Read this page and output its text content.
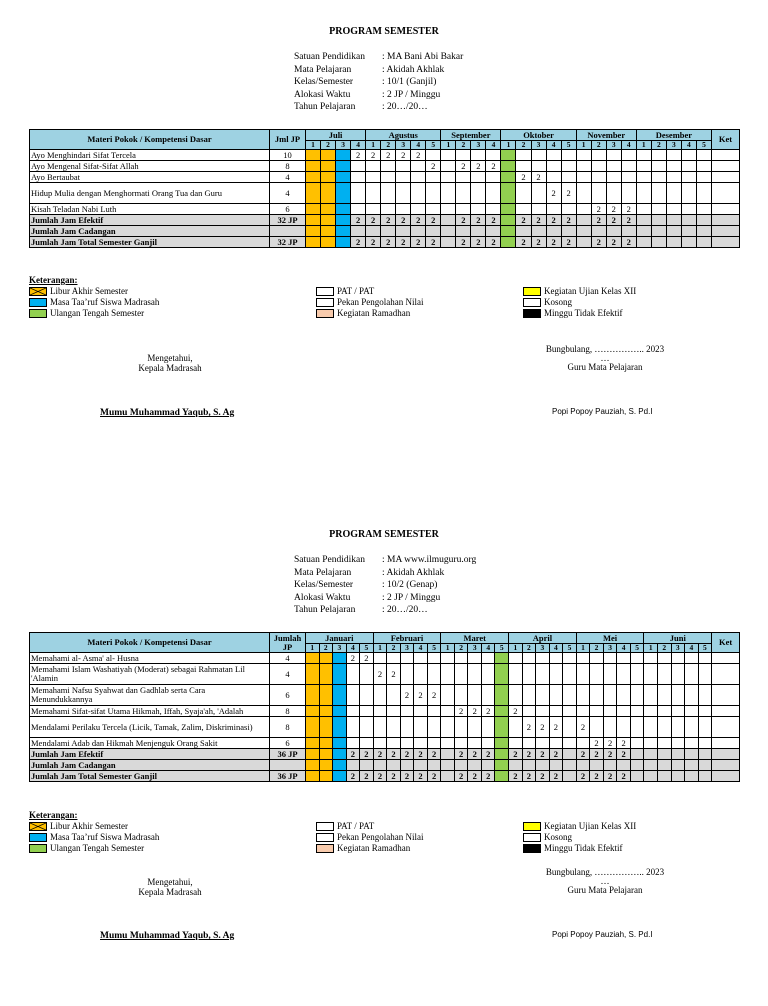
PROGRAM SEMESTER
Satuan Pendidikan : MA Bani Abi Bakar
Mata Pelajaran	: Akidah Akhlak
Kelas/Semester	: 10/1 (Ganjil)
Alokasi Waktu	: 2 JP / Minggu
Tahun Pelajaran	: 20…/20…
Materi Pokok / Kompetensi Dasar	Jml JP	Juli				Agustus					September				Oktober					November				Desember					Ket
		1	2	3	4	1	2	3	4	5	1	2	3	4	1	2	3	4	5	1	2	3	4	1	2	3	4	5	
Ayo Menghindari Sifat Tercela	10				2	2	2	2	2																				
Ayo Mengenal Sifat-Sifat Allah	8									2		2	2	2															
Ayo Bertaubat	4															2	2												
Hidup Mulia dengan Menghormati Orang Tua dan Guru	4																	2	2										
Kisah Teladan Nabi Luth	6																				2	2	2						
Jumlah Jam Efektif	32 JP				2	2	2	2	2	2		2	2	2		2	2	2	2		2	2	2						
Jumlah Jam Cadangan																													
Jumlah Jam Total Semester Ganjil	32 JP				2	2	2	2	2	2		2	2	2		2	2	2	2		2	2	2						
Keterangan:
Libur Akhir Semester
Masa Taa’ruf Siswa Madrasah
Ulangan Tengah Semester
PAT / PAT
Pekan Pengolahan Nilai
Kegiatan Ramadhan
Kegiatan Ujian Kelas XII
Kosong
Minggu Tidak Efektif
Mengetahui,
Kepala Madrasah
Mumu Muhammad Yaqub, S. Ag
Bungbulang, …………….. 2023
…
Guru Mata Pelajaran
Popi Popoy Pauziah, S. Pd.I
PROGRAM SEMESTER
Satuan Pendidikan : MA www.ilmuguru.org
Mata Pelajaran	: Akidah Akhlak
Kelas/Semester	: 10/2 (Genap)
Alokasi Waktu	: 2 JP / Minggu
Tahun Pelajaran	: 20…/20…
Materi Pokok / Kompetensi Dasar	Jumlah JP	Januari					Februari					Maret					April					Mei					Juni					Ket
		1	2	3	4	5	1	2	3	4	5	1	2	3	4	5	1	2	3	4	5	1	2	3	4	5	1	2	3	4	5	
Memahami al- Asma' al- Husna	4				2	2																										
Memahami Islam Washatiyah (Moderat) sebagai Rahmatan Lil 'Alamin	4						2	2																								
Memahami Nafsu Syahwat dan Gadhlab serta Cara Menundukkannya	6								2	2	2																					
Memahami Sifat-sifat Utama Hikmah, Iffah, Syaja'ah, 'Adalah	8												2	2	2		2															
Mendalami Perilaku Tercela (Licik, Tamak, Zalim, Diskriminasi)	8																	2	2	2		2										
Mendalami Adab dan Hikmah Menjenguk Orang Sakit	6																						2	2	2							
Jumlah Jam Efektif	36 JP				2	2	2	2	2	2	2		2	2	2		2	2	2	2		2	2	2	2							
Jumlah Jam Cadangan																																
Jumlah Jam Total Semester Ganjil	36 JP				2	2	2	2	2	2	2		2	2	2		2	2	2	2		2	2	2	2							
Keterangan:
Libur Akhir Semester
Masa Taa’ruf Siswa Madrasah
Ulangan Tengah Semester
PAT / PAT
Pekan Pengolahan Nilai
Kegiatan Ramadhan
Kegiatan Ujian Kelas XII
Kosong
Minggu Tidak Efektif
Mengetahui,
Kepala Madrasah
Mumu Muhammad Yaqub, S. Ag
Bungbulang, …………….. 2023
…
Guru Mata Pelajaran
Popi Popoy Pauziah, S. Pd.I
